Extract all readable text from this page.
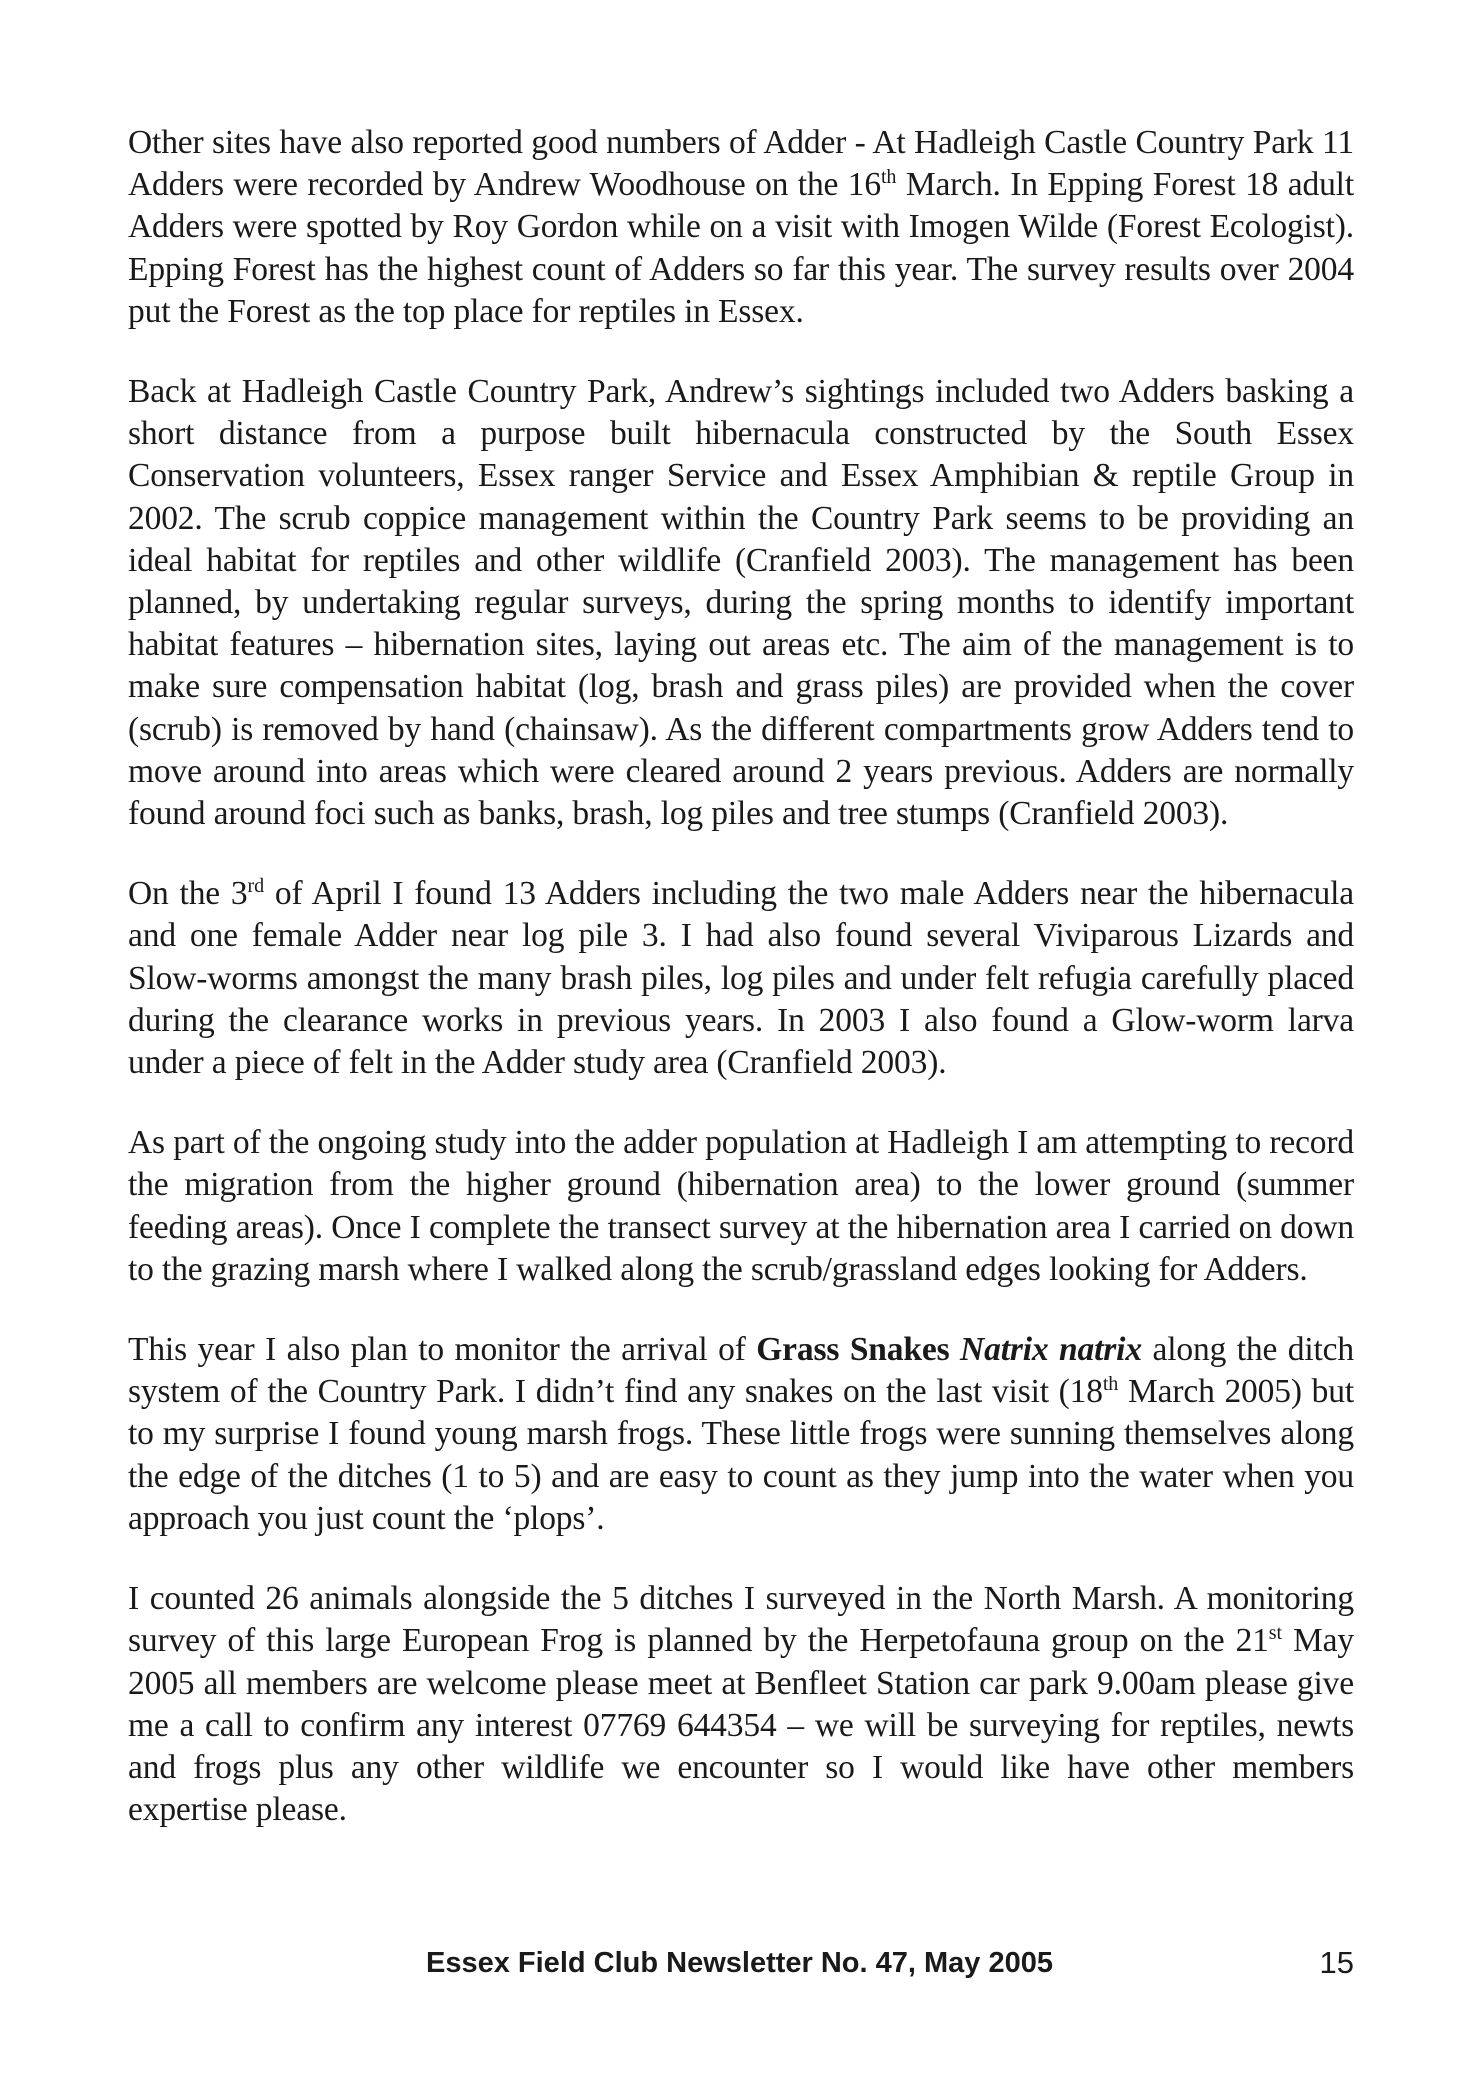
Other sites have also reported good numbers of Adder - At Hadleigh Castle Country Park 11 Adders were recorded by Andrew Woodhouse on the 16th March. In Epping Forest 18 adult Adders were spotted by Roy Gordon while on a visit with Imogen Wilde (Forest Ecologist). Epping Forest has the highest count of Adders so far this year. The survey results over 2004 put the Forest as the top place for reptiles in Essex.

Back at Hadleigh Castle Country Park, Andrew’s sightings included two Adders basking a short distance from a purpose built hibernacula constructed by the South Essex Conservation volunteers, Essex ranger Service and Essex Amphibian & reptile Group in 2002. The scrub coppice management within the Country Park seems to be providing an ideal habitat for reptiles and other wildlife (Cranfield 2003). The management has been planned, by undertaking regular surveys, during the spring months to identify important habitat features – hibernation sites, laying out areas etc. The aim of the management is to make sure compensation habitat (log, brash and grass piles) are provided when the cover (scrub) is removed by hand (chainsaw). As the different compartments grow Adders tend to move around into areas which were cleared around 2 years previous. Adders are normally found around foci such as banks, brash, log piles and tree stumps (Cranfield 2003).

On the 3rd of April I found 13 Adders including the two male Adders near the hibernacula and one female Adder near log pile 3. I had also found several Viviparous Lizards and Slow-worms amongst the many brash piles, log piles and under felt refugia carefully placed during the clearance works in previous years. In 2003 I also found a Glow-worm larva under a piece of felt in the Adder study area (Cranfield 2003).

As part of the ongoing study into the adder population at Hadleigh I am attempting to record the migration from the higher ground (hibernation area) to the lower ground (summer feeding areas). Once I complete the transect survey at the hibernation area I carried on down to the grazing marsh where I walked along the scrub/grassland edges looking for Adders.

This year I also plan to monitor the arrival of Grass Snakes Natrix natrix along the ditch system of the Country Park. I didn’t find any snakes on the last visit (18th March 2005) but to my surprise I found young marsh frogs. These little frogs were sunning themselves along the edge of the ditches (1 to 5) and are easy to count as they jump into the water when you approach you just count the ‘plops’.

I counted 26 animals alongside the 5 ditches I surveyed in the North Marsh. A monitoring survey of this large European Frog is planned by the Herpetofauna group on the 21st May 2005 all members are welcome please meet at Benfleet Station car park 9.00am please give me a call to confirm any interest 07769 644354 – we will be surveying for reptiles, newts and frogs plus any other wildlife we encounter so I would like have other members expertise please.

Essex Field Club Newsletter No. 47, May 2005	15
